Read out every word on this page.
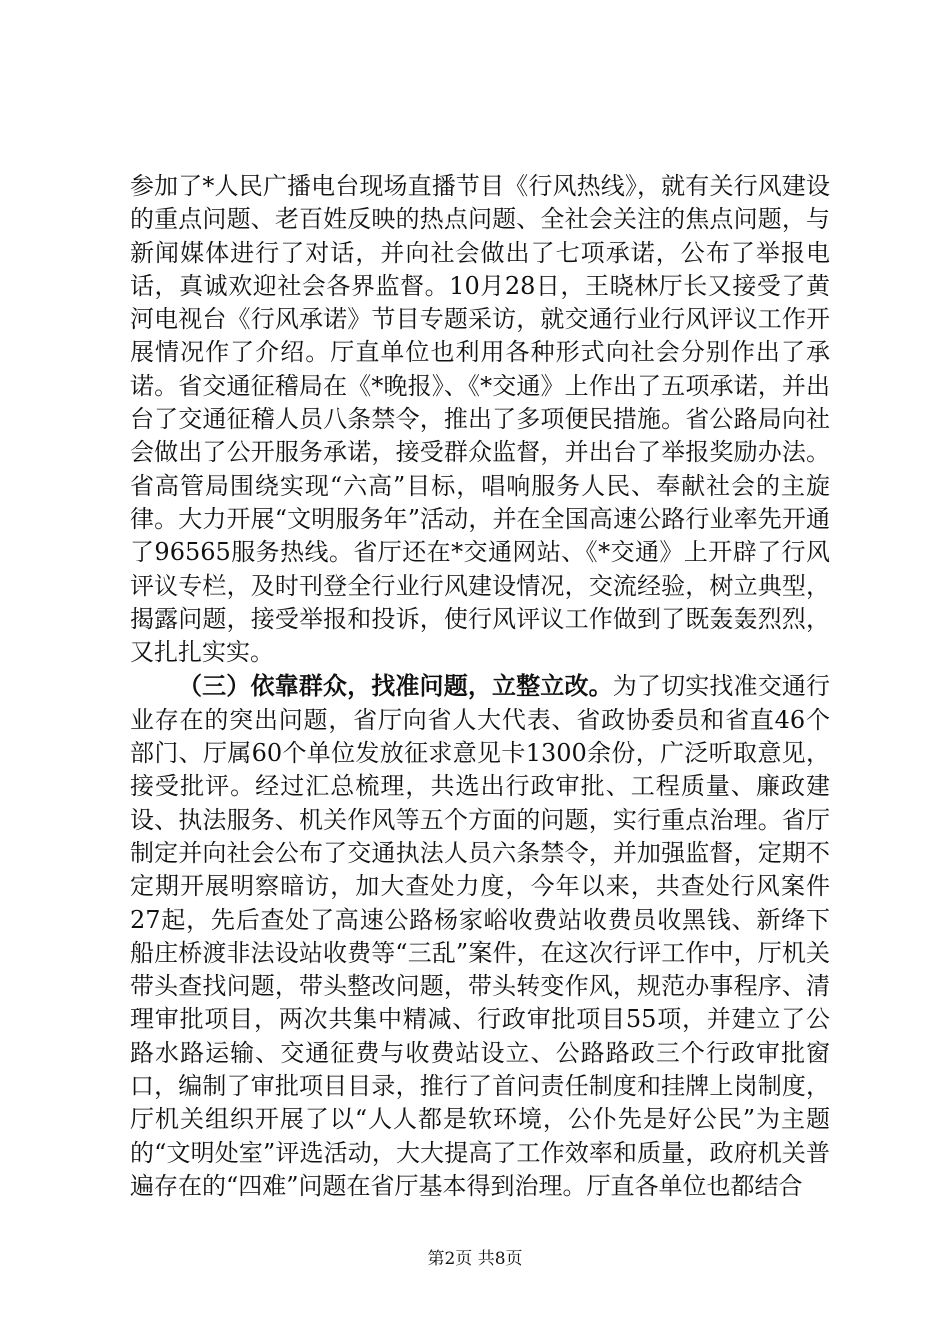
参加了*人民广播电台现场直播节目《行风热线》，就有关行风建设的重点问题、老百姓反映的热点问题、全社会关注的焦点问题，与新闻媒体进行了对话，并向社会做出了七项承诺，公布了举报电话，真诚欢迎社会各界监督。10月28日，王晓林厅长又接受了黄河电视台《行风承诺》节目专题采访，就交通行业行风评议工作开展情况作了介绍。厅直单位也利用各种形式向社会分别作出了承诺。省交通征稽局在《*晚报》、《*交通》上作出了五项承诺，并出台了交通征稽人员八条禁令，推出了多项便民措施。省公路局向社会做出了公开服务承诺，接受群众监督，并出台了举报奖励办法。省高管局围绕实现“六高”目标，唱响服务人民、奉献社会的主旋律。大力开展“文明服务年”活动，并在全国高速公路行业率先开通了96565服务热线。省厅还在*交通网站、《*交通》上开辟了行风评议专栏，及时刊登全行业行风建设情况，交流经验，树立典型，揭露问题，接受举报和投诉，使行风评议工作做到了既轰轰烈烈，又扎扎实实。

（三）依靠群众，找准问题，立整立改。为了切实找准交通行业存在的突出问题，省厅向省人大代表、省政协委员和省直46个部门、厅属60个单位发放征求意见卡1300余份，广泛听取意见，接受批评。经过汇总梳理，共选出行政审批、工程质量、廉政建设、执法服务、机关作风等五个方面的问题，实行重点治理。省厅制定并向社会公布了交通执法人员六条禁令，并加强监督，定期不定期开展明察暗访，加大查处力度，今年以来，共查处行风案件27起，先后查处了高速公路杨家峪收费站收费员收黑钱、新绛下船庄桥渡非法设站收费等“三乱”案件，在这次行评工作中，厅机关带头查找问题，带头整改问题，带头转变作风，规范办事程序、清理审批项目，两次共集中精减、行政审批项目55项，并建立了公路水路运输、交通征费与收费站设立、公路路政三个行政审批窗口，编制了审批项目目录，推行了首问责任制度和挂牌上岗制度，厅机关组织开展了以“人人都是软环境，公仆先是好公民”为主题的“文明处室”评选活动，大大提高了工作效率和质量，政府机关普遍存在的“四难”问题在省厅基本得到治理。厅直各单位也都结合

第2页 共8页
